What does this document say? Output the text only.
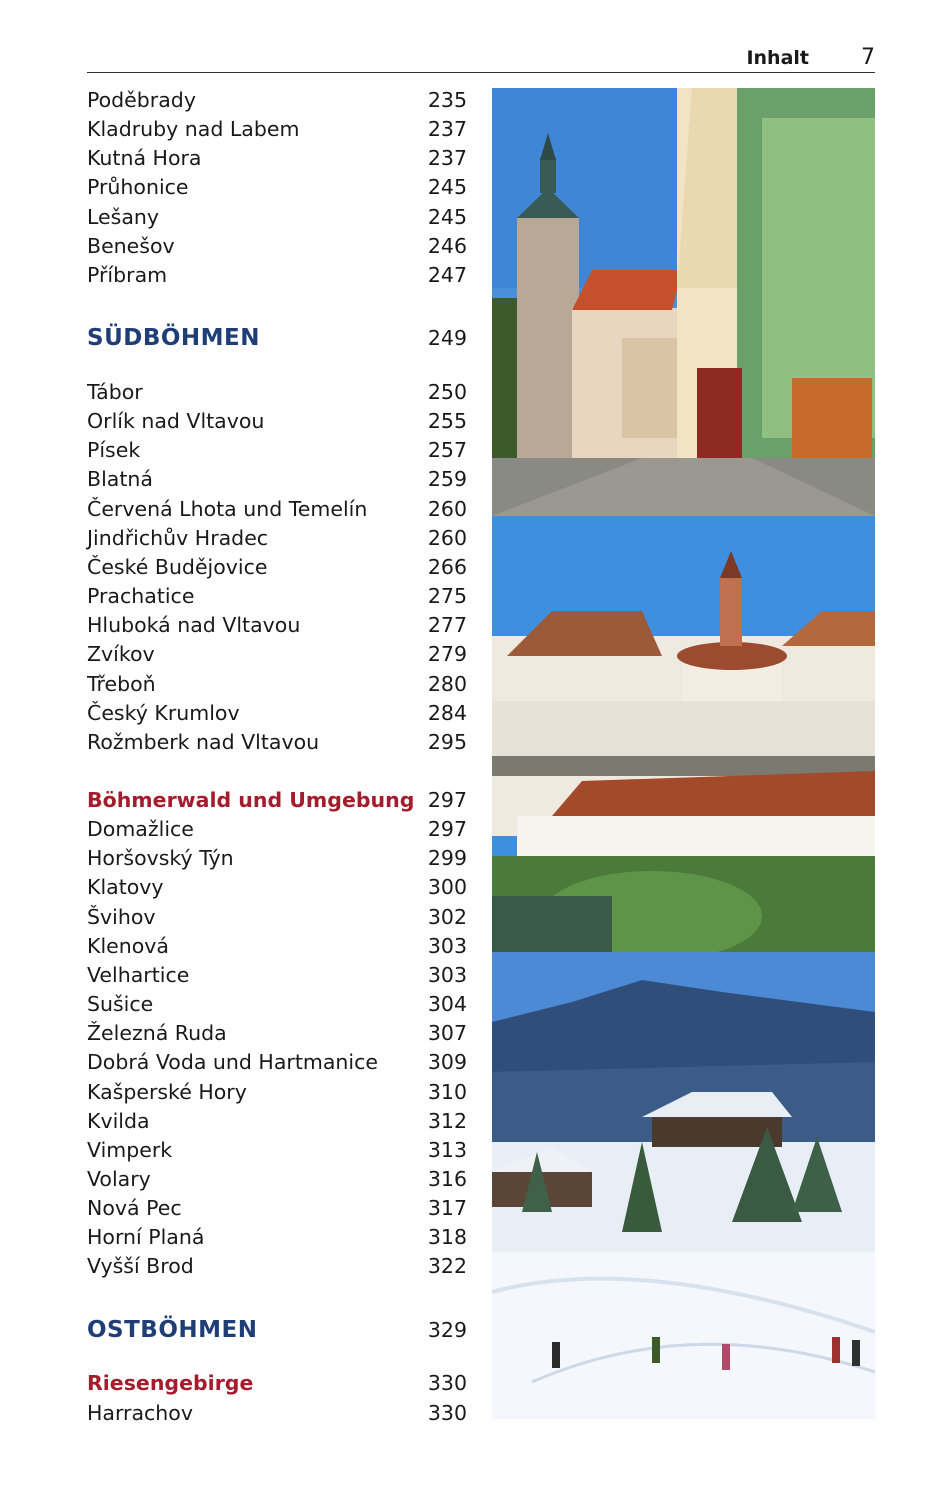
Inhalt 7
Poděbrady	235
Kladruby nad Labem	237
Kutná Hora	237
Průhonice	245
Lešany	245
Benešov	246
Příbram	247
SÜDBÖHMEN	249
Tábor	250
Orlík nad Vltavou	255
Písek	257
Blatná	259
Červená Lhota und Temelín	260
Jindřichův Hradec	260
České Budějovice	266
Prachatice	275
Hluboká nad Vltavou	277
Zvíkov	279
Třeboň	280
Český Krumlov	284
Rožmberk nad Vltavou	295
Böhmerwald und Umgebung 297
Domažlice	297
Horšovský Týn	299
Klatovy	300
Švihov	302
Klenová	303
Velhartice	303
Sušice	304
Železná Ruda	307
Dobrá Voda und Hartmanice 309
Kašperské Hory	310
Kvilda	312
Vimperk	313
Volary	316
Nová Pec	317
Horní Planá	318
Vyšší Brod	322
OSTBÖHMEN	329
Riesengebirge	330
Harrachov	330
